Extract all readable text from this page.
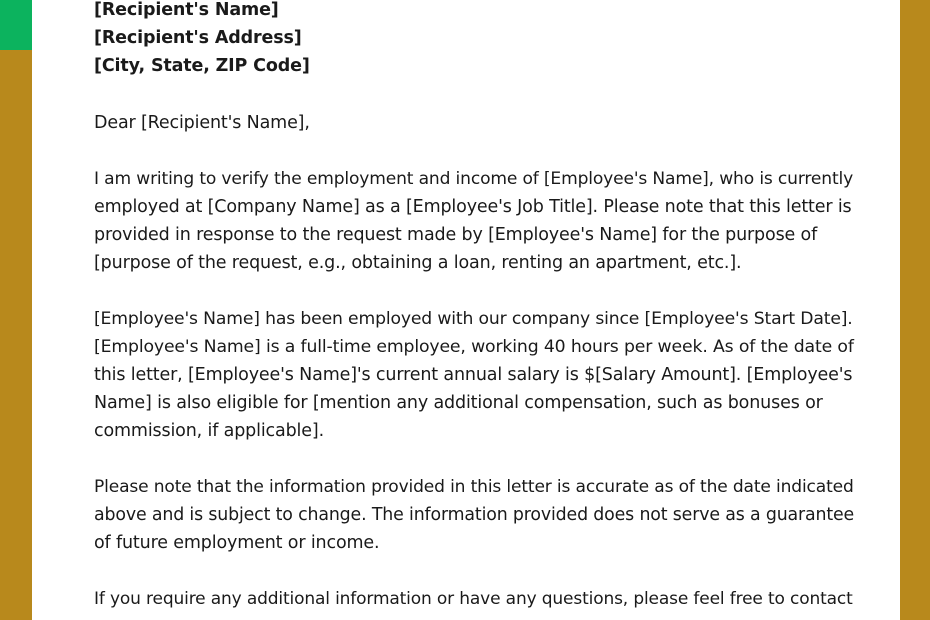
[Recipient's Name]
[Recipient's Address]
[City, State, ZIP Code]
Dear [Recipient's Name],
I am writing to verify the employment and income of [Employee's Name], who is currently
employed at [Company Name] as a [Employee's Job Title]. Please note that this letter is
provided in response to the request made by [Employee's Name] for the purpose of
[purpose of the request, e.g., obtaining a loan, renting an apartment, etc.].
[Employee's Name] has been employed with our company since [Employee's Start Date].
[Employee's Name] is a full-time employee, working 40 hours per week. As of the date of
this letter, [Employee's Name]'s current annual salary is $[Salary Amount]. [Employee's
Name] is also eligible for [mention any additional compensation, such as bonuses or
commission, if applicable].
Please note that the information provided in this letter is accurate as of the date indicated
above and is subject to change. The information provided does not serve as a guarantee
of future employment or income.
If you require any additional information or have any questions, please feel free to contact
